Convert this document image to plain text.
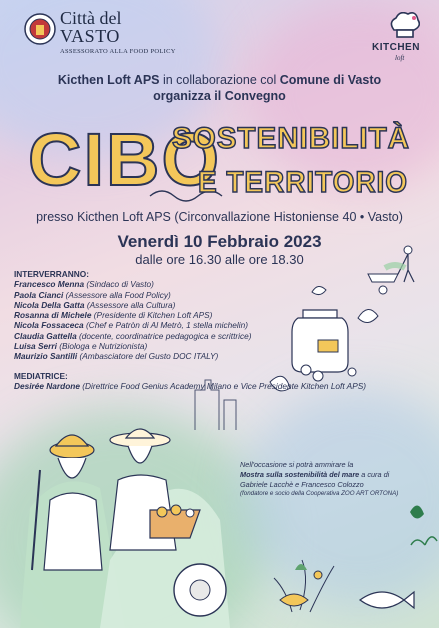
Città del
VASTO
ASSESSORATO ALLA FOOD POLICY	KITCHEN
loft
Kicthen Loft APS in collaborazione col Comune di Vasto
organizza il Convegno
CIBO
SOSTENIBILITÀ
E TERRITORIO
presso Kicthen Loft APS (Circonvallazione Histoniense 40 • Vasto)
Venerdì 10 Febbraio 2023
dalle ore 16.30 alle ore 18.30
INTERVERRANNO:
Francesco Menna (Sindaco di Vasto)
Paola Cianci (Assessore alla Food Policy)
Nicola Della Gatta (Assessore alla Cultura)
Rosanna di Michele (Presidente di Kitchen Loft APS)
Nicola Fossaceca (Chef e Patròn di Al Metrò, 1 stella michelin)
Claudia Gattella (docente, coordinatrice pedagogica e scrittrice)
Luisa Serri (Biologa e Nutrizionista)
Maurizio Santilli (Ambasciatore del Gusto DOC ITALY)
MEDIATRICE:
Desirée Nardone (Direttrice Food Genius Academy Milano e Vice Presidente Kitchen Loft APS)
Nell'occasione si potrà ammirare la
Mostra sulla sostenibilità del mare a cura di
Gabriele Lacchè e Francesco Colozzo
(fondatore e socio della Cooperativa ZOO ART ORTONA)
